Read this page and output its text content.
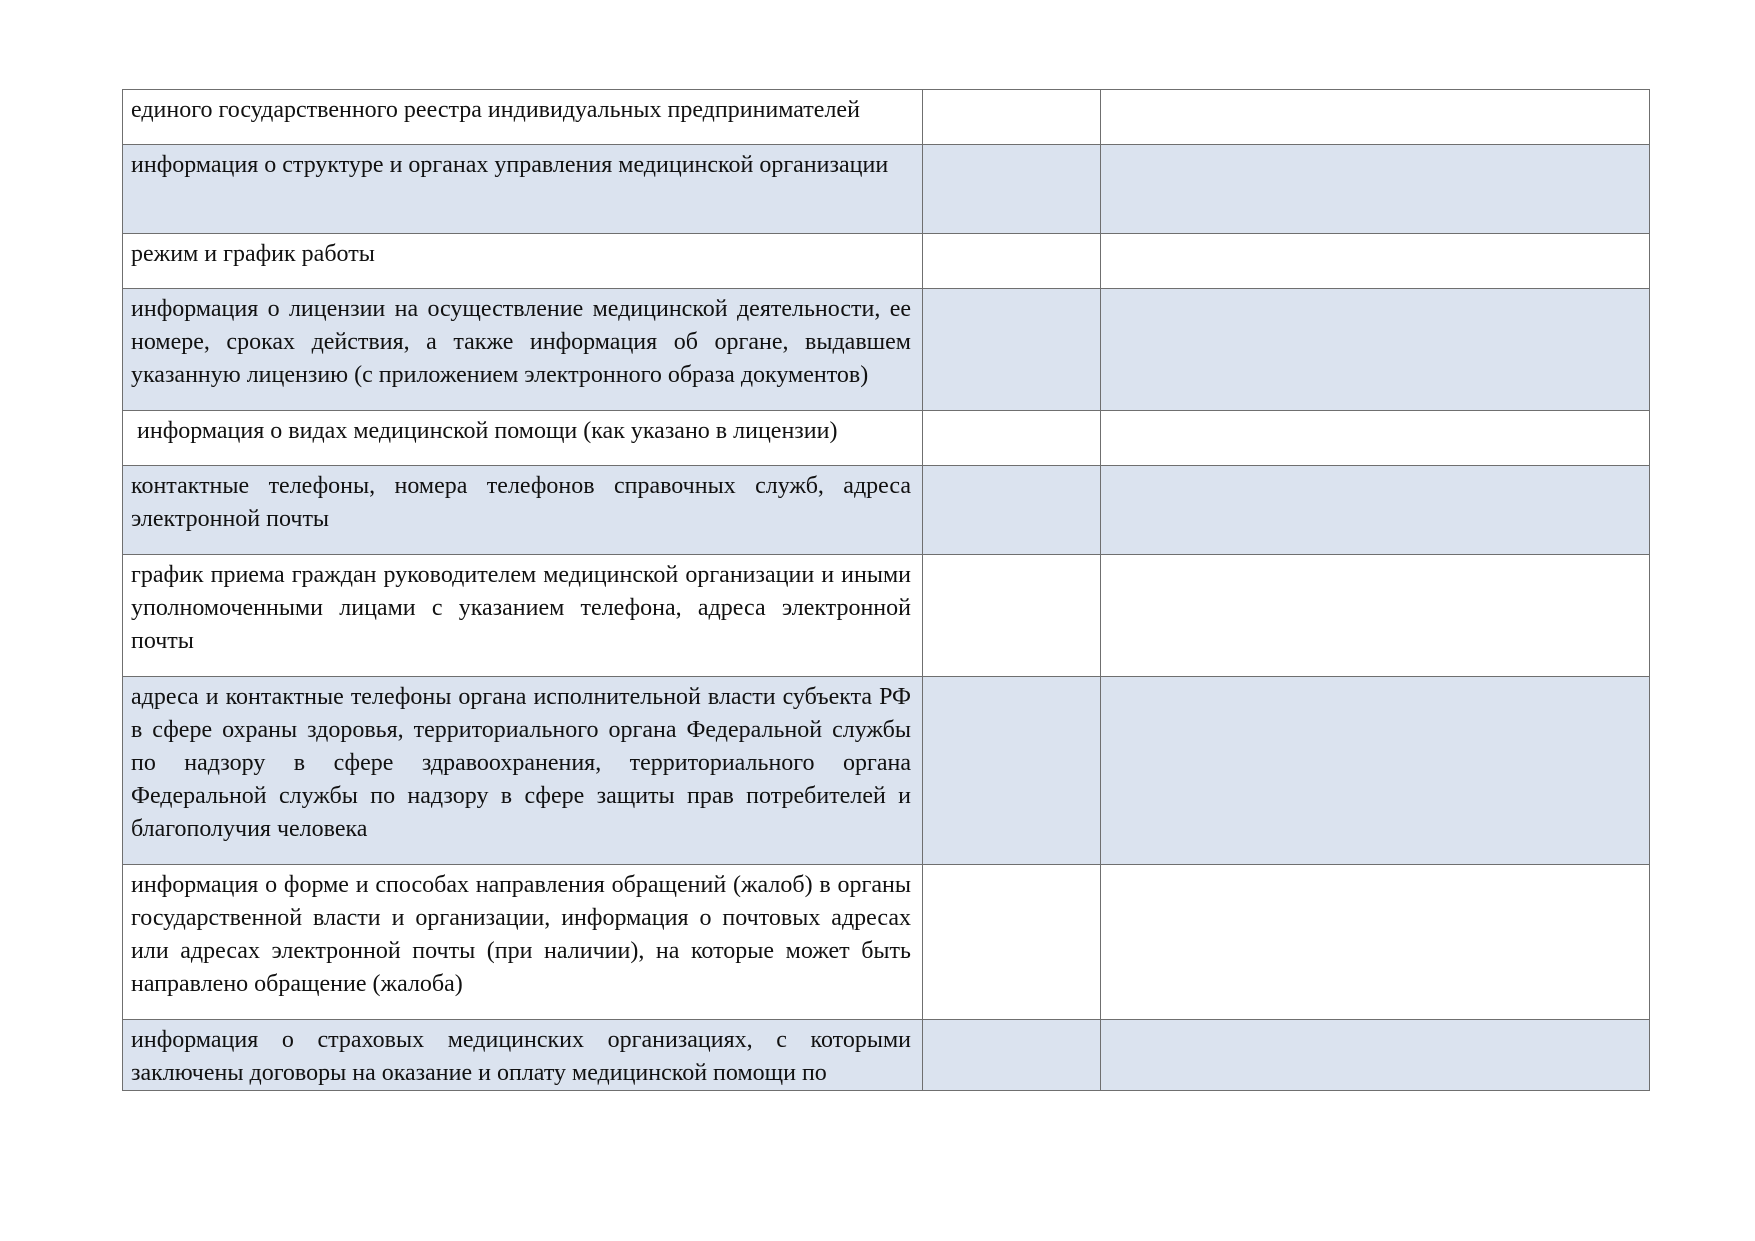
единого государственного реестра индивидуальных предпринимателей		
информация о структуре и органах управления медицинской организации		
режим и график работы		
информация о лицензии на осуществление медицинской деятельности, ее номере, сроках действия, а также информация об органе, выдавшем указанную лицензию (с приложением электронного образа документов)		
информация о видах медицинской помощи (как указано в лицензии)		
контактные телефоны, номера телефонов справочных служб, адреса электронной почты		
график приема граждан руководителем медицинской организации и иными уполномоченными лицами с указанием телефона, адреса электронной почты		
адреса и контактные телефоны органа исполнительной власти субъекта РФ в сфере охраны здоровья, территориального органа Федеральной службы по надзору в сфере здравоохранения, территориального органа Федеральной службы по надзору в сфере защиты прав потребителей и благополучия человека		
информация о форме и способах направления обращений (жалоб) в органы государственной власти и организации, информация о почтовых адресах или адресах электронной почты (при наличии), на которые может быть направлено обращение (жалоба)		
информация о страховых медицинских организациях, с которыми заключены договоры на оказание и оплату медицинской помощи по		
